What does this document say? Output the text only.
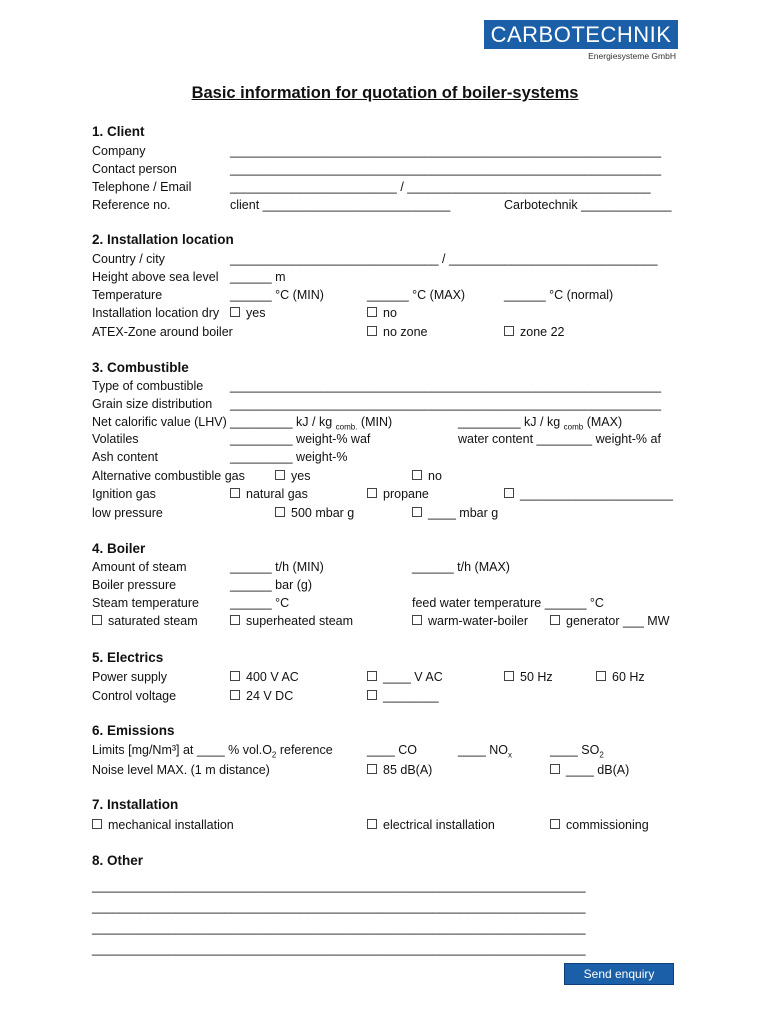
CARBOTECHNIK
Energiesysteme GmbH
Basic information for quotation of boiler-systems
1. Client
Company	______________________________________________________________
Contact person	______________________________________________________________
Telephone / Email	________________________ / ___________________________________
Reference no.	client ___________________________	Carbotechnik _____________
2. Installation location
Country / city	______________________________ / ______________________________
Height above sea level ______ m
Temperature	______ °C (MIN)	______ °C (MAX)	______ °C (normal)
Installation location dry	yes	no
ATEX-Zone around boiler	no zone	zone 22
3. Combustible
Type of combustible ______________________________________________________________
Grain size distribution ______________________________________________________________
Net calorific value (LHV) _________ kJ / kg $_{comb.}$ (MIN)	_________ kJ / kg $_{comb}$ (MAX)
Volatiles	_________ weight-% waf	water content ________ weight-% af
Ash content	_________ weight-%
Alternative combustible gas	yes	no
Ignition gas	natural gas	propane	______________________
low pressure	500 mbar g	____ mbar g
4. Boiler
Amount of steam	______ t/h (MIN)	______ t/h (MAX)
Boiler pressure	______ bar (g)
Steam temperature ______ °C	feed water temperature ______ °C
saturated steam	superheated steam	warm-water-boiler	generator ___ MW
5. Electrics
Power supply	400 V AC	____ V AC	50 Hz	60 Hz
Control voltage	24 V DC	________
6. Emissions
Limits [mg/Nm³] at ____ % $vol.O_2$ reference	____ CO	____ $NO_x$	____ $SO_2$
Noise level MAX. (1 m distance)	85 dB(A)	____ dB(A)
7. Installation
mechanical installation	electrical installation	commissioning
8. Other
_______________________________________________________________________
_______________________________________________________________________
_______________________________________________________________________
_______________________________________________________________________
Send enquiry
